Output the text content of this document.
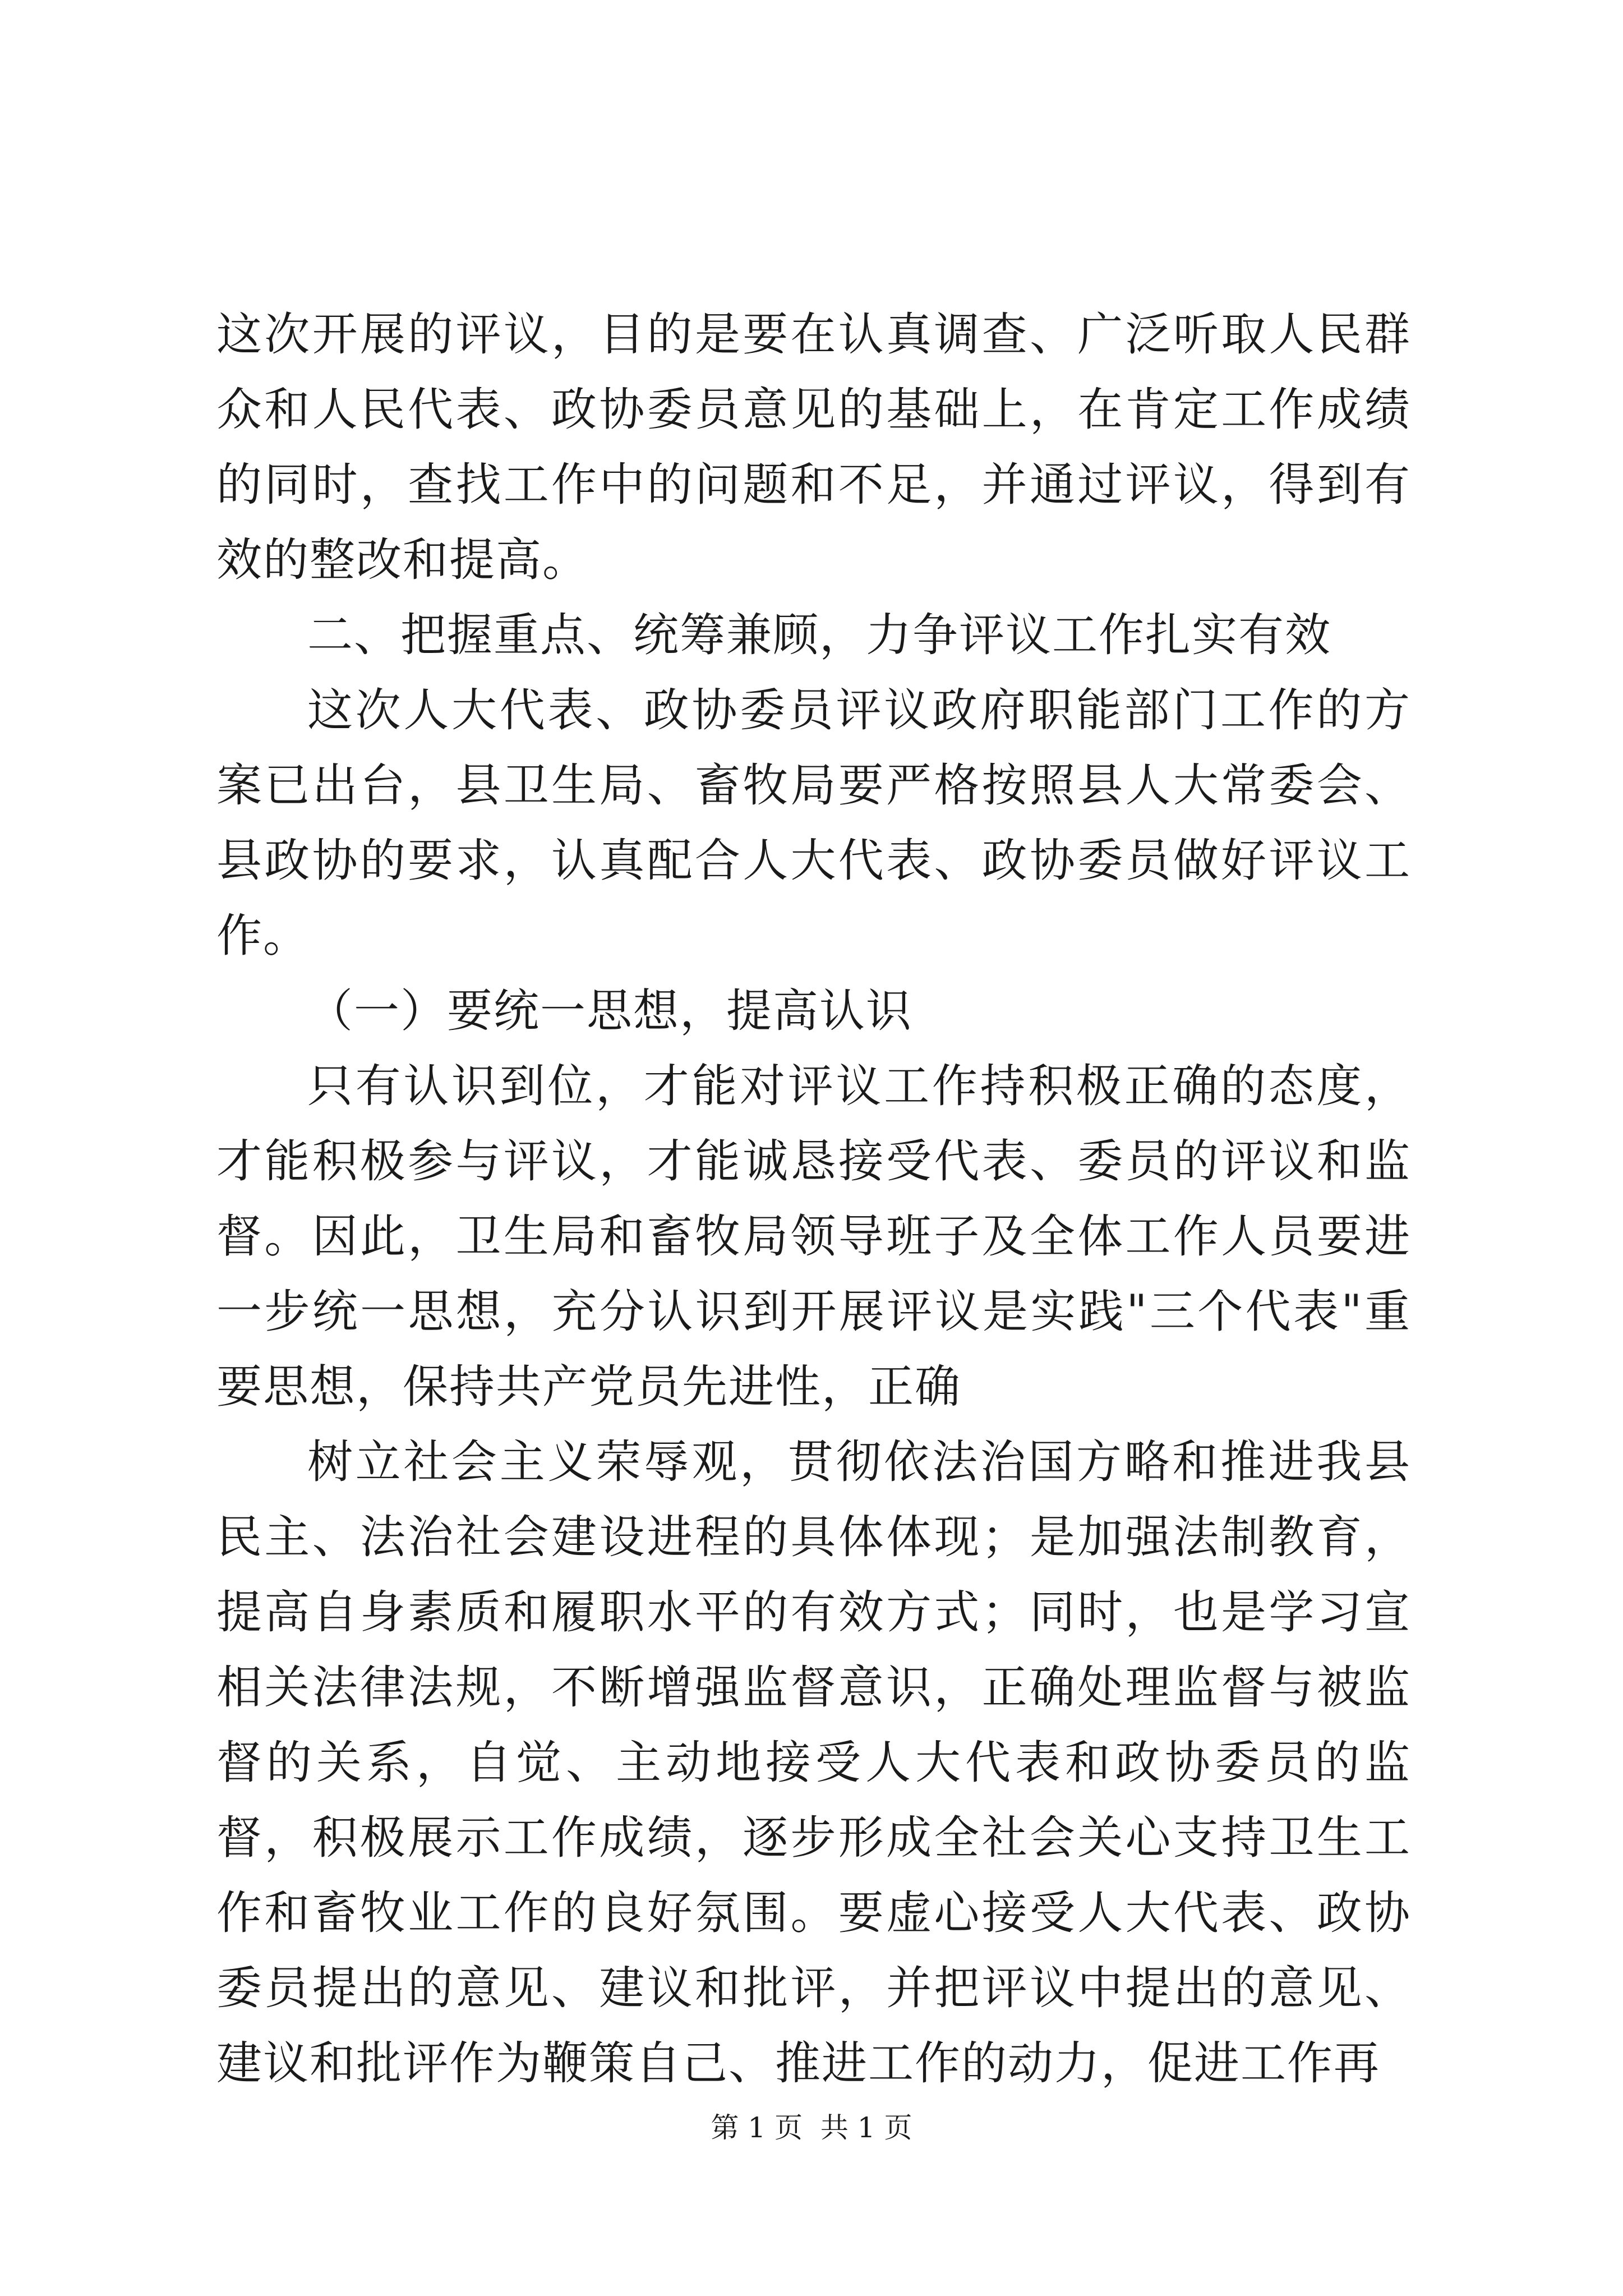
这次开展的评议，目的是要在认真调查、广泛听取人民群众和人民代表、政协委员意见的基础上，在肯定工作成绩的同时，查找工作中的问题和不足，并通过评议，得到有效的整改和提高。

二、把握重点、统筹兼顾，力争评议工作扎实有效

这次人大代表、政协委员评议政府职能部门工作的方案已出台，县卫生局、畜牧局要严格按照县人大常委会、县政协的要求，认真配合人大代表、政协委员做好评议工作。

（一）要统一思想，提高认识

只有认识到位，才能对评议工作持积极正确的态度，才能积极参与评议，才能诚恳接受代表、委员的评议和监督。因此，卫生局和畜牧局领导班子及全体工作人员要进一步统一思想，充分认识到开展评议是实践"三个代表"重要思想，保持共产党员先进性，正确

树立社会主义荣辱观，贯彻依法治国方略和推进我县民主、法治社会建设进程的具体体现；是加强法制教育，提高自身素质和履职水平的有效方式；同时，也是学习宣相关法律法规，不断增强监督意识，正确处理监督与被监督的关系，自觉、主动地接受人大代表和政协委员的监督，积极展示工作成绩，逐步形成全社会关心支持卫生工作和畜牧业工作的良好氛围。要虚心接受人大代表、政协委员提出的意见、建议和批评，并把评议中提出的意见、建议和批评作为鞭策自己、推进工作的动力，促进工作再

第 1 页  共 1 页
